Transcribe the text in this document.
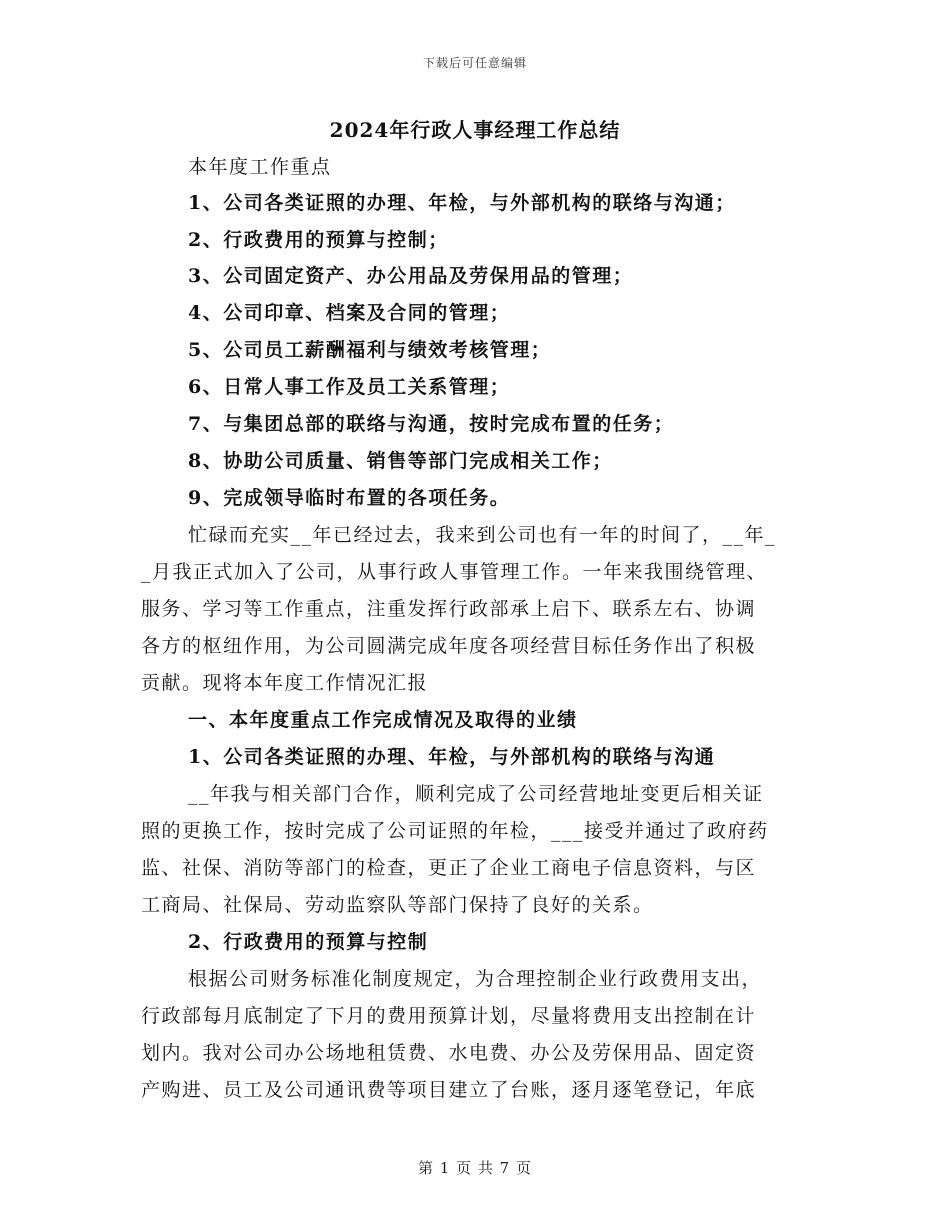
下载后可任意编辑
2024年行政人事经理工作总结
本年度工作重点
1、公司各类证照的办理、年检，与外部机构的联络与沟通；
2、行政费用的预算与控制；
3、公司固定资产、办公用品及劳保用品的管理；
4、公司印章、档案及合同的管理；
5、公司员工薪酬福利与绩效考核管理；
6、日常人事工作及员工关系管理；
7、与集团总部的联络与沟通，按时完成布置的任务；
8、协助公司质量、销售等部门完成相关工作；
9、完成领导临时布置的各项任务。
忙碌而充实__年已经过去，我来到公司也有一年的时间了，__年_
_月我正式加入了公司，从事行政人事管理工作。一年来我围绕管理、
服务、学习等工作重点，注重发挥行政部承上启下、联系左右、协调
各方的枢纽作用，为公司圆满完成年度各项经营目标任务作出了积极
贡献。现将本年度工作情况汇报
一、本年度重点工作完成情况及取得的业绩
1、公司各类证照的办理、年检，与外部机构的联络与沟通
__年我与相关部门合作，顺利完成了公司经营地址变更后相关证
照的更换工作，按时完成了公司证照的年检，___接受并通过了政府药
监、社保、消防等部门的检查，更正了企业工商电子信息资料，与区
工商局、社保局、劳动监察队等部门保持了良好的关系。
2、行政费用的预算与控制
根据公司财务标准化制度规定，为合理控制企业行政费用支出，
行政部每月底制定了下月的费用预算计划，尽量将费用支出控制在计
划内。我对公司办公场地租赁费、水电费、办公及劳保用品、固定资
产购进、员工及公司通讯费等项目建立了台账，逐月逐笔登记，年底
第 1 页 共 7 页
